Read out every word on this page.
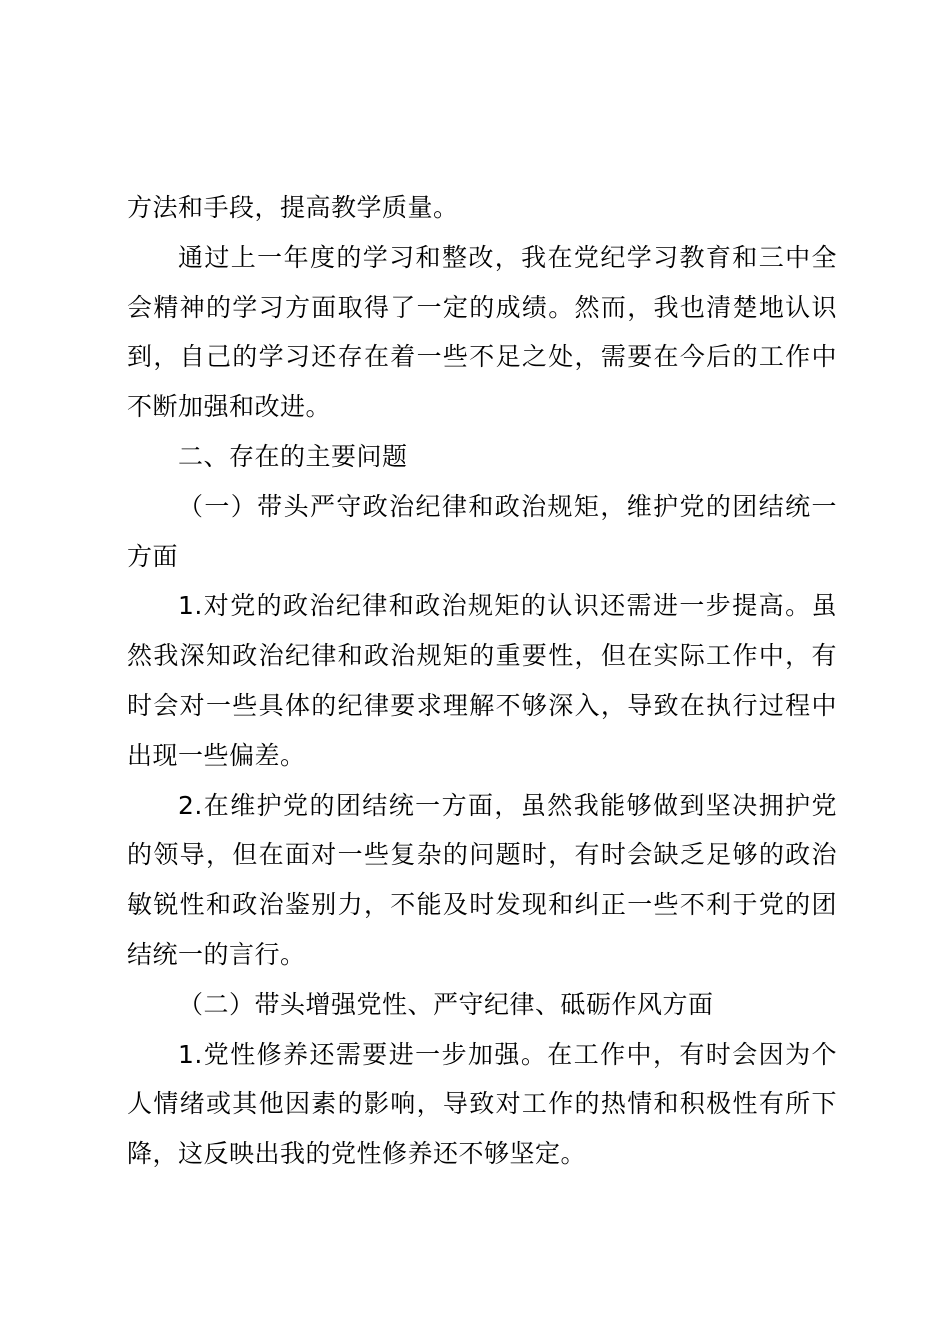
方法和手段，提高教学质量。

通过上一年度的学习和整改，我在党纪学习教育和三中全会精神的学习方面取得了一定的成绩。然而，我也清楚地认识到，自己的学习还存在着一些不足之处，需要在今后的工作中不断加强和改进。

二、存在的主要问题

（一）带头严守政治纪律和政治规矩，维护党的团结统一方面

1.对党的政治纪律和政治规矩的认识还需进一步提高。虽然我深知政治纪律和政治规矩的重要性，但在实际工作中，有时会对一些具体的纪律要求理解不够深入，导致在执行过程中出现一些偏差。

2.在维护党的团结统一方面，虽然我能够做到坚决拥护党的领导，但在面对一些复杂的问题时，有时会缺乏足够的政治敏锐性和政治鉴别力，不能及时发现和纠正一些不利于党的团结统一的言行。

（二）带头增强党性、严守纪律、砥砺作风方面

1.党性修养还需要进一步加强。在工作中，有时会因为个人情绪或其他因素的影响，导致对工作的热情和积极性有所下降，这反映出我的党性修养还不够坚定。
